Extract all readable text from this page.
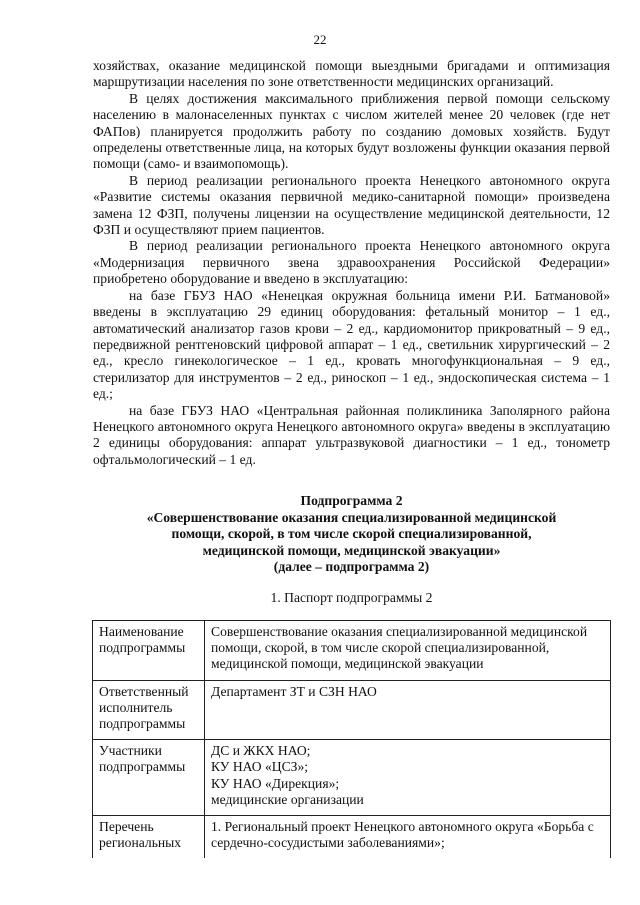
22

хозяйствах, оказание медицинской помощи выездными бригадами и оптимизация маршрутизации населения по зоне ответственности медицинских организаций.

В целях достижения максимального приближения первой помощи сельскому населению в малонаселенных пунктах с числом жителей менее 20 человек (где нет ФАПов) планируется продолжить работу по созданию домовых хозяйств. Будут определены ответственные лица, на которых будут возложены функции оказания первой помощи (само- и взаимопомощь).

В период реализации регионального проекта Ненецкого автономного округа «Развитие системы оказания первичной медико-санитарной помощи» произведена замена 12 ФЗП, получены лицензии на осуществление медицинской деятельности, 12 ФЗП и осуществляют прием пациентов.

В период реализации регионального проекта Ненецкого автономного округа «Модернизация первичного звена здравоохранения Российской Федерации» приобретено оборудование и введено в эксплуатацию:

на базе ГБУЗ НАО «Ненецкая окружная больница имени Р.И. Батмановой» введены в эксплуатацию 29 единиц оборудования: фетальный монитор – 1 ед., автоматический анализатор газов крови – 2 ед., кардиомонитор прикроватный – 9 ед., передвижной рентгеновский цифровой аппарат – 1 ед., светильник хирургический – 2 ед., кресло гинекологическое – 1 ед., кровать многофункциональная – 9 ед., стерилизатор для инструментов – 2 ед., риноскоп – 1 ед., эндоскопическая система – 1 ед.;

на базе ГБУЗ НАО «Центральная районная поликлиника Заполярного района Ненецкого автономного округа Ненецкого автономного округа» введены в эксплуатацию 2 единицы оборудования: аппарат ультразвуковой диагностики – 1 ед., тонометр офтальмологический – 1 ед.

Подпрограмма 2
«Совершенствование оказания специализированной медицинской
помощи, скорой, в том числе скорой специализированной,
медицинской помощи, медицинской эвакуации»
(далее – подпрограмма 2)
1. Паспорт подпрограммы 2
Наименование подпрограммы	Совершенствование оказания специализированной медицинской помощи, скорой, в том числе скорой специализированной, медицинской помощи, медицинской эвакуации
Ответственный исполнитель подпрограммы	Департамент ЗТ и СЗН НАО
Участники подпрограммы	ДС и ЖКХ НАО;
КУ НАО «ЦСЗ»;
КУ НАО «Дирекция»;
медицинские организации

Перечень региональных	1. Региональный проект Ненецкого автономного округа «Борьба с сердечно-сосудистыми заболеваниями»;
